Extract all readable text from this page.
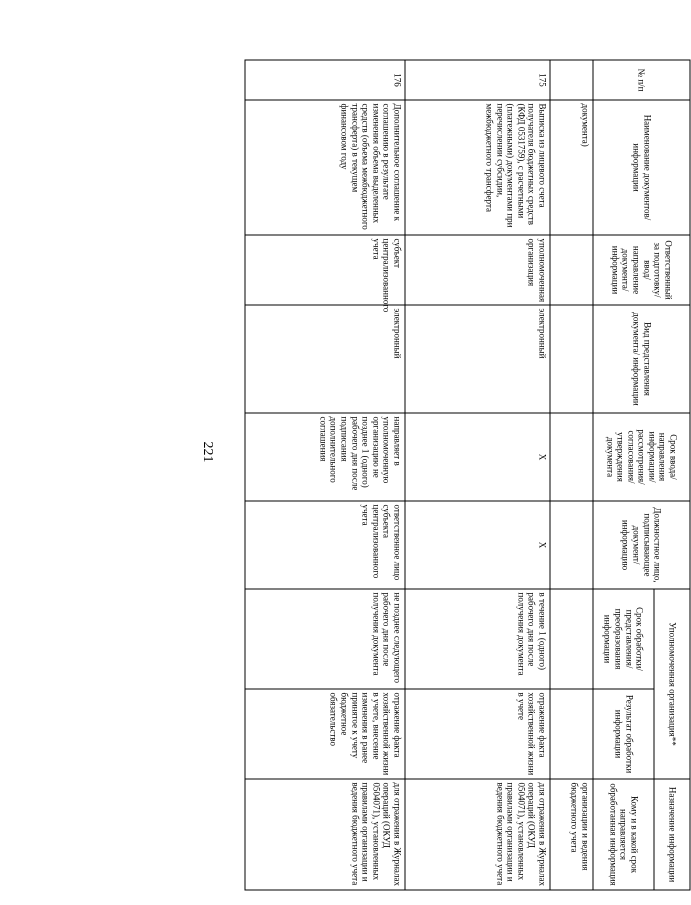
221
№ п/п	Наименование документов/информации	Ответственный за подготовку/ ввод/ направление документа/ информации	Вид представления документа/ информации	Срок ввода/ направления информации/ рассмотрения/ согласования/ утверждения документа	Должностное лицо, подписывающее документ/ информацию	Уполномоченная организация**		Назначение информации
						Срок обработки/ представления/ преобразования информации	Результат обработки информации	Кому и в какой срок направляется обработанная информация

	документа)							организации и ведения бюджетного учета
175	Выписка из лицевого счета получателя бюджетных средств (КФД 0531759), с расчетными (платежными) документами при перечислении субсидии, межбюджетного трансферта	уполномоченная организация	электронный	X	X	в течение 1 (одного) рабочего дня после получения документа	отражение факта хозяйственной жизни в учете	для отражения в Журналах операций (ОКУД 0504071), установленных правилами организации и ведения бюджетного учета
176	Дополнительное соглашение к соглашению в результате изменения объема выделенных средств (объема межбюджетного трансферта) в текущем финансовом году	субъект централизованного учета	электронный	направляет в уполномоченную организацию не позднее 1 (одного) рабочего дня после подписания дополнительного соглашения	ответственное лицо субъекта централизованного учета	не позднее следующего рабочего дня после получения документа	отражение факта хозяйственной жизни в учете, внесение изменения в ранее принятое к учету бюджетное обязательство	для отражения в Журналах операций (ОКУД 0504071), установленных правилами организации и ведения бюджетного учета
